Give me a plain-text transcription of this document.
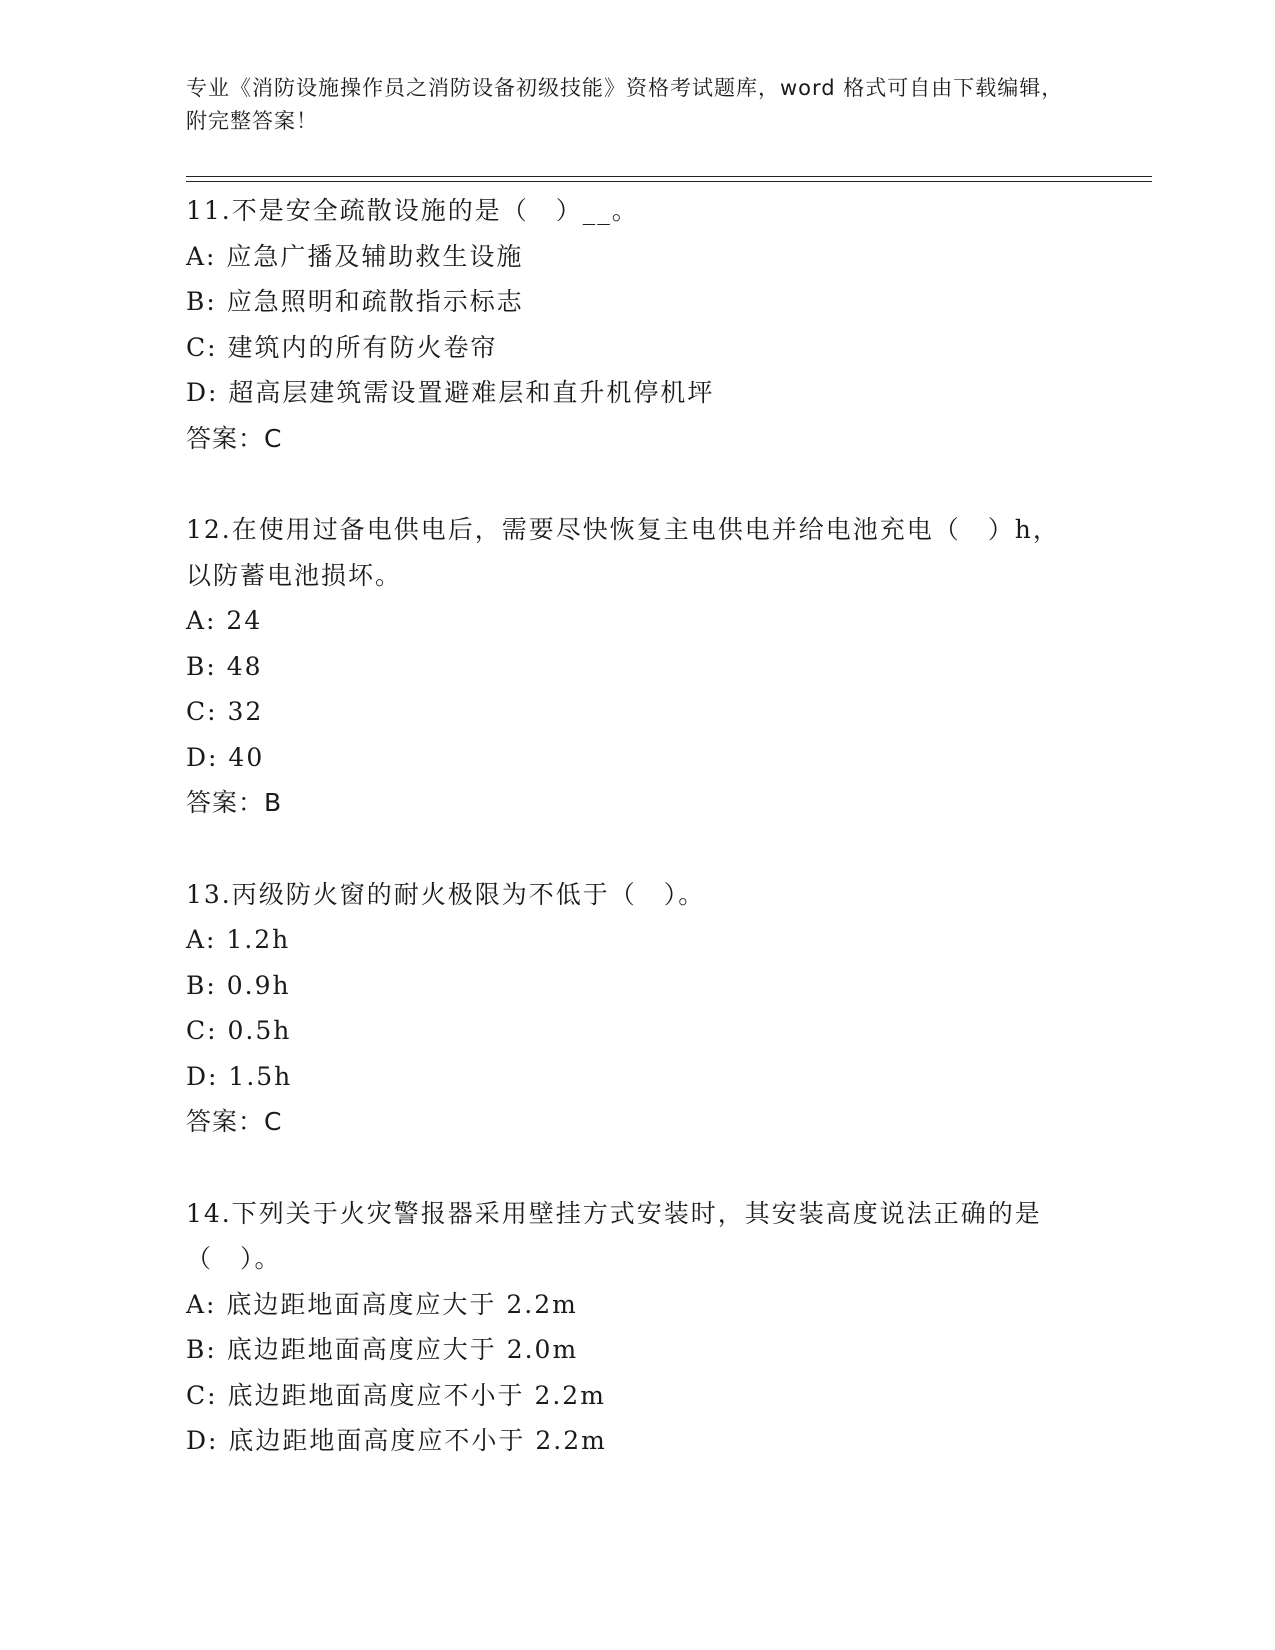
专业《消防设施操作员之消防设备初级技能》资格考试题库，word 格式可自由下载编辑，附完整答案！
11.不是安全疏散设施的是（　）__。
A: 应急广播及辅助救生设施
B: 应急照明和疏散指示标志
C: 建筑内的所有防火卷帘
D: 超高层建筑需设置避难层和直升机停机坪
答案：C
12.在使用过备电供电后，需要尽快恢复主电供电并给电池充电（　）h，以防蓄电池损坏。
A: 24
B: 48
C: 32
D: 40
答案：B
13.丙级防火窗的耐火极限为不低于（　）。
A: 1.2h
B: 0.9h
C: 0.5h
D: 1.5h
答案：C
14.下列关于火灾警报器采用壁挂方式安装时，其安装高度说法正确的是（　）。
A: 底边距地面高度应大于 2.2m
B: 底边距地面高度应大于 2.0m
C: 底边距地面高度应不小于 2.2m
D: 底边距地面高度应不小于 2.2m
